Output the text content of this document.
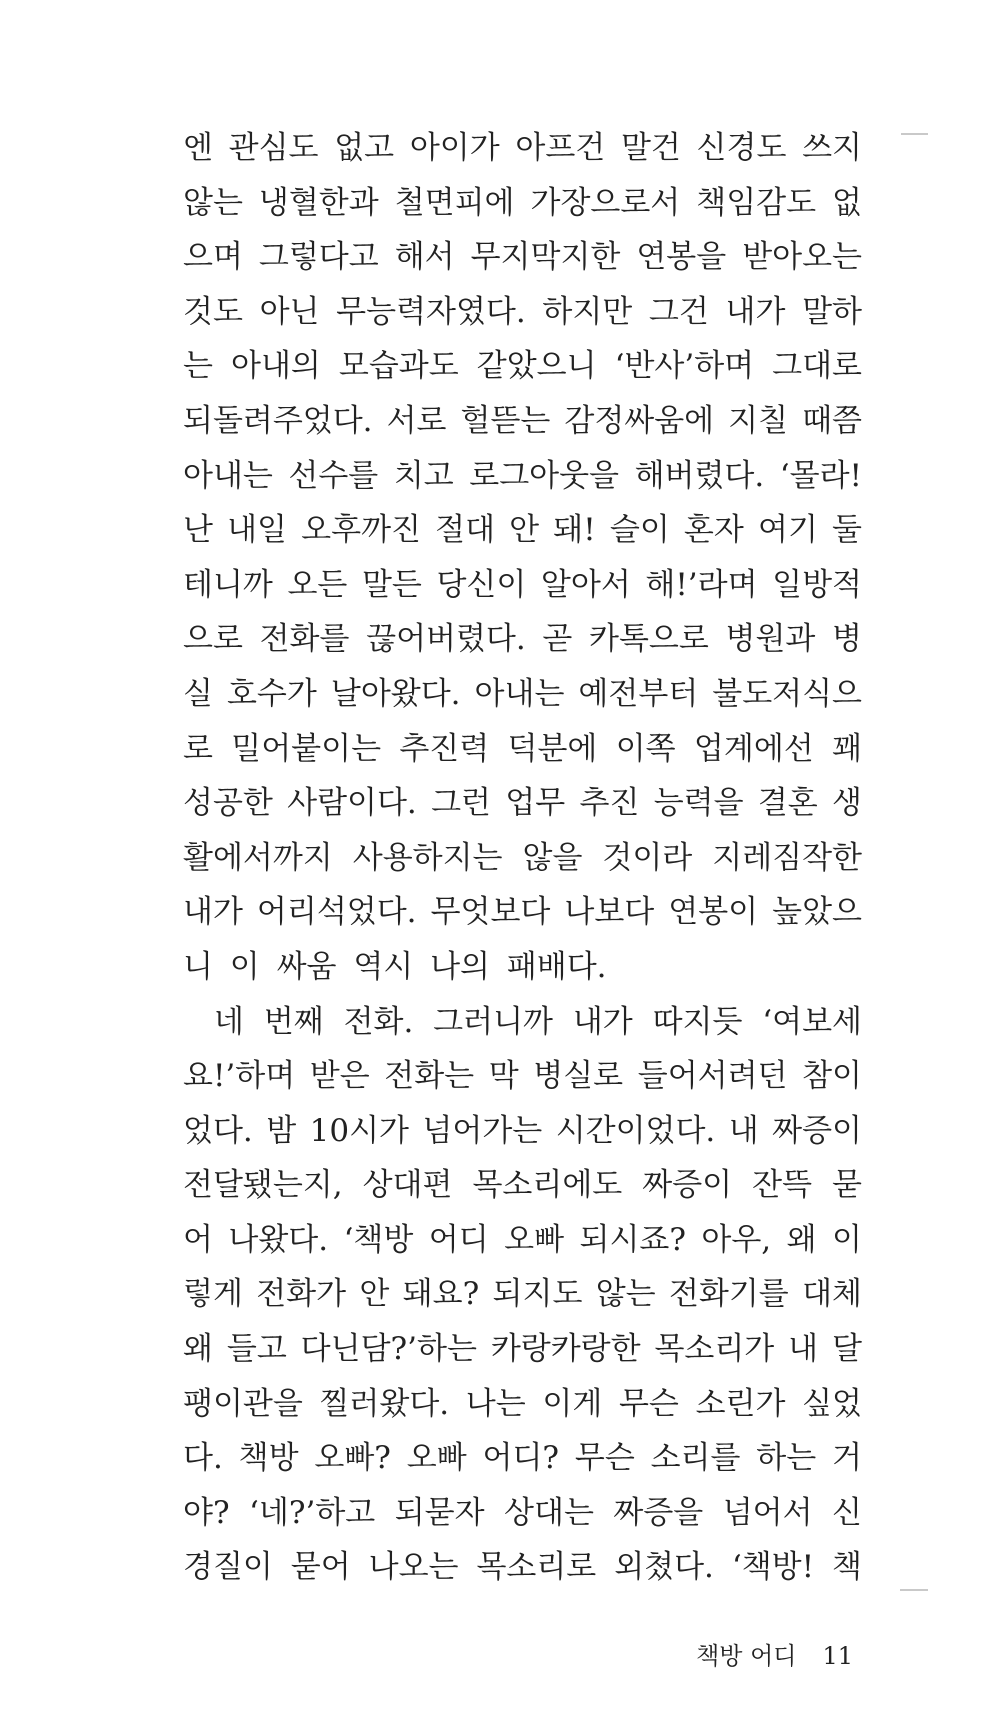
엔 관심도 없고 아이가 아프건 말건 신경도 쓰지

않는 냉혈한과 철면피에 가장으로서 책임감도 없

으며 그렇다고 해서 무지막지한 연봉을 받아오는

것도 아닌 무능력자였다. 하지만 그건 내가 말하

는 아내의 모습과도 같았으니 ‘반사’하며 그대로

되돌려주었다. 서로 헐뜯는 감정싸움에 지칠 때쯤

아내는 선수를 치고 로그아웃을 해버렸다. ‘몰라!

난 내일 오후까진 절대 안 돼! 슬이 혼자 여기 둘

테니까 오든 말든 당신이 알아서 해!’라며 일방적

으로 전화를 끊어버렸다. 곧 카톡으로 병원과 병

실 호수가 날아왔다. 아내는 예전부터 불도저식으

로 밀어붙이는 추진력 덕분에 이쪽 업계에선 꽤

성공한 사람이다. 그런 업무 추진 능력을 결혼 생

활에서까지 사용하지는 않을 것이라 지레짐작한

내가 어리석었다. 무엇보다 나보다 연봉이 높았으

니 이 싸움 역시 나의 패배다.

네 번째 전화. 그러니까 내가 따지듯 ‘여보세

요!’하며 받은 전화는 막 병실로 들어서려던 참이

었다. 밤 10시가 넘어가는 시간이었다. 내 짜증이

전달됐는지, 상대편 목소리에도 짜증이 잔뜩 묻

어 나왔다. ‘책방 어디 오빠 되시죠? 아우, 왜 이

렇게 전화가 안 돼요? 되지도 않는 전화기를 대체

왜 들고 다닌담?’하는 카랑카랑한 목소리가 내 달

팽이관을 찔러왔다. 나는 이게 무슨 소린가 싶었

다. 책방 오빠? 오빠 어디? 무슨 소리를 하는 거

야? ‘네?’하고 되묻자 상대는 짜증을 넘어서 신

경질이 묻어 나오는 목소리로 외쳤다. ‘책방! 책

책방 어디 11
